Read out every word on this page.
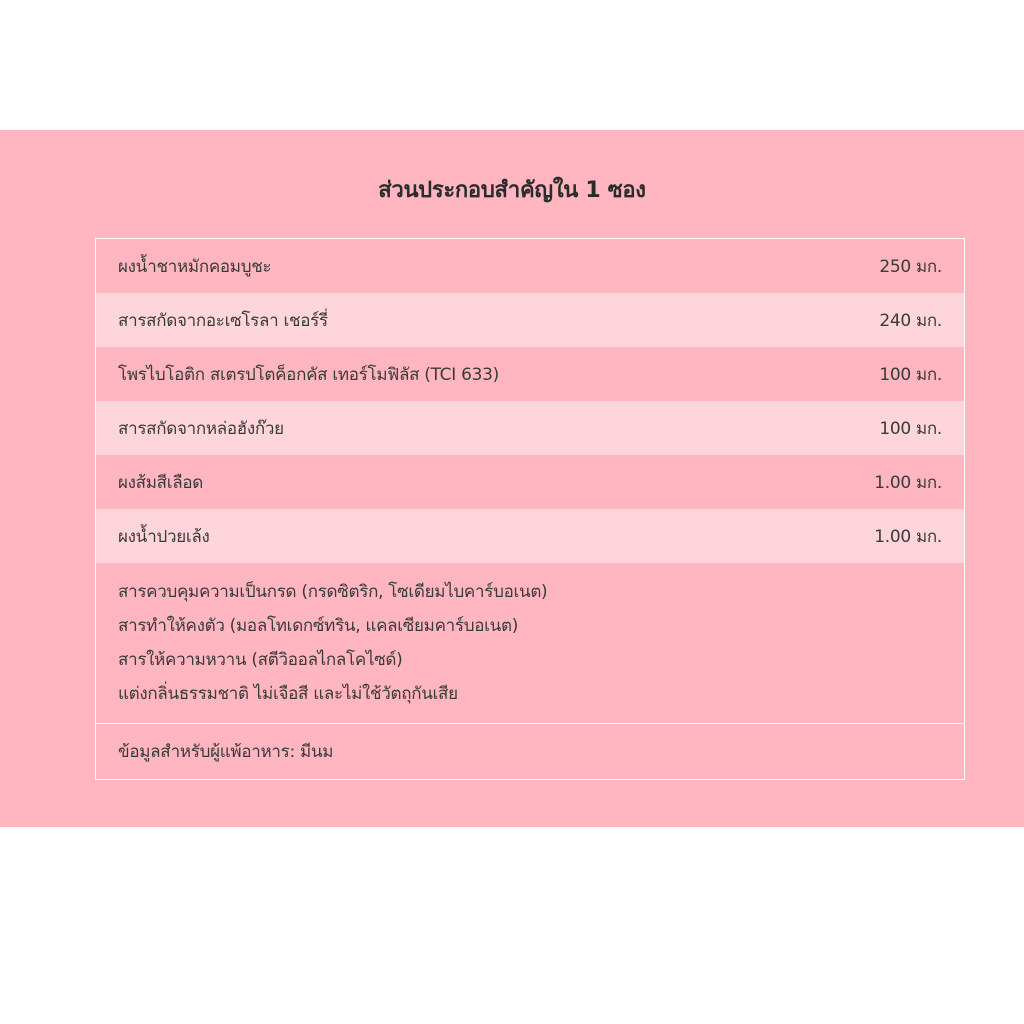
ส่วนประกอบสำคัญใน 1 ซอง
ผงน้ำชาหมักคอมบูชะ	250 มก.
สารสกัดจากอะเซโรลา เชอร์รี่	240 มก.
โพรไบโอติก สเตรปโตค็อกคัส เทอร์โมฟิลัส (TCI 633)	100 มก.
สารสกัดจากหล่อฮังก๊วย	100 มก.
ผงส้มสีเลือด	1.00 มก.
ผงน้ำปวยเล้ง	1.00 มก.
สารควบคุมความเป็นกรด (กรดซิตริก, โซเดียมไบคาร์บอเนต)
สารทำให้คงตัว (มอลโทเดกซ์ทริน, แคลเซียมคาร์บอเนต)
สารให้ความหวาน (สตีวิออลไกลโคไซด์)
แต่งกลิ่นธรรมชาติ ไม่เจือสี และไม่ใช้วัตถุกันเสีย
ข้อมูลสำหรับผู้แพ้อาหาร: มีนม
